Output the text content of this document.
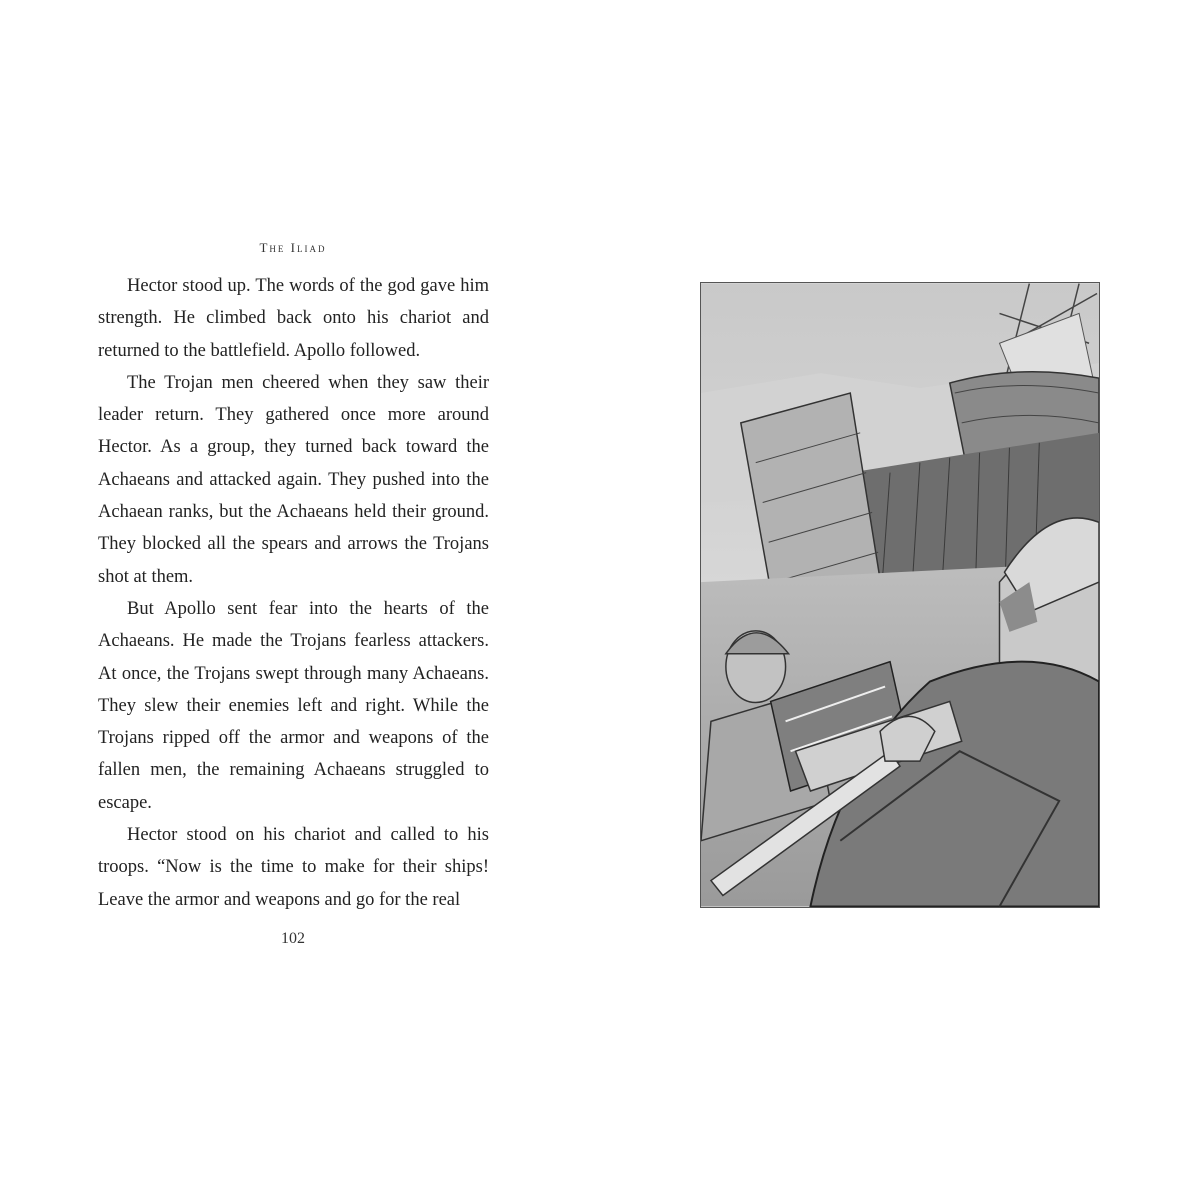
The Iliad

Hector stood up. The words of the god gave him strength. He climbed back onto his chariot and returned to the battlefield. Apollo followed.

The Trojan men cheered when they saw their leader return. They gathered once more around Hector. As a group, they turned back toward the Achaeans and attacked again. They pushed into the Achaean ranks, but the Achaeans held their ground. They blocked all the spears and arrows the Trojans shot at them.

But Apollo sent fear into the hearts of the Achaeans. He made the Trojans fearless attackers. At once, the Trojans swept through many Achaeans. They slew their enemies left and right. While the Trojans ripped off the armor and weapons of the fallen men, the remaining Achaeans struggled to escape.

Hector stood on his chariot and called to his troops. “Now is the time to make for their ships! Leave the armor and weapons and go for the real

102
